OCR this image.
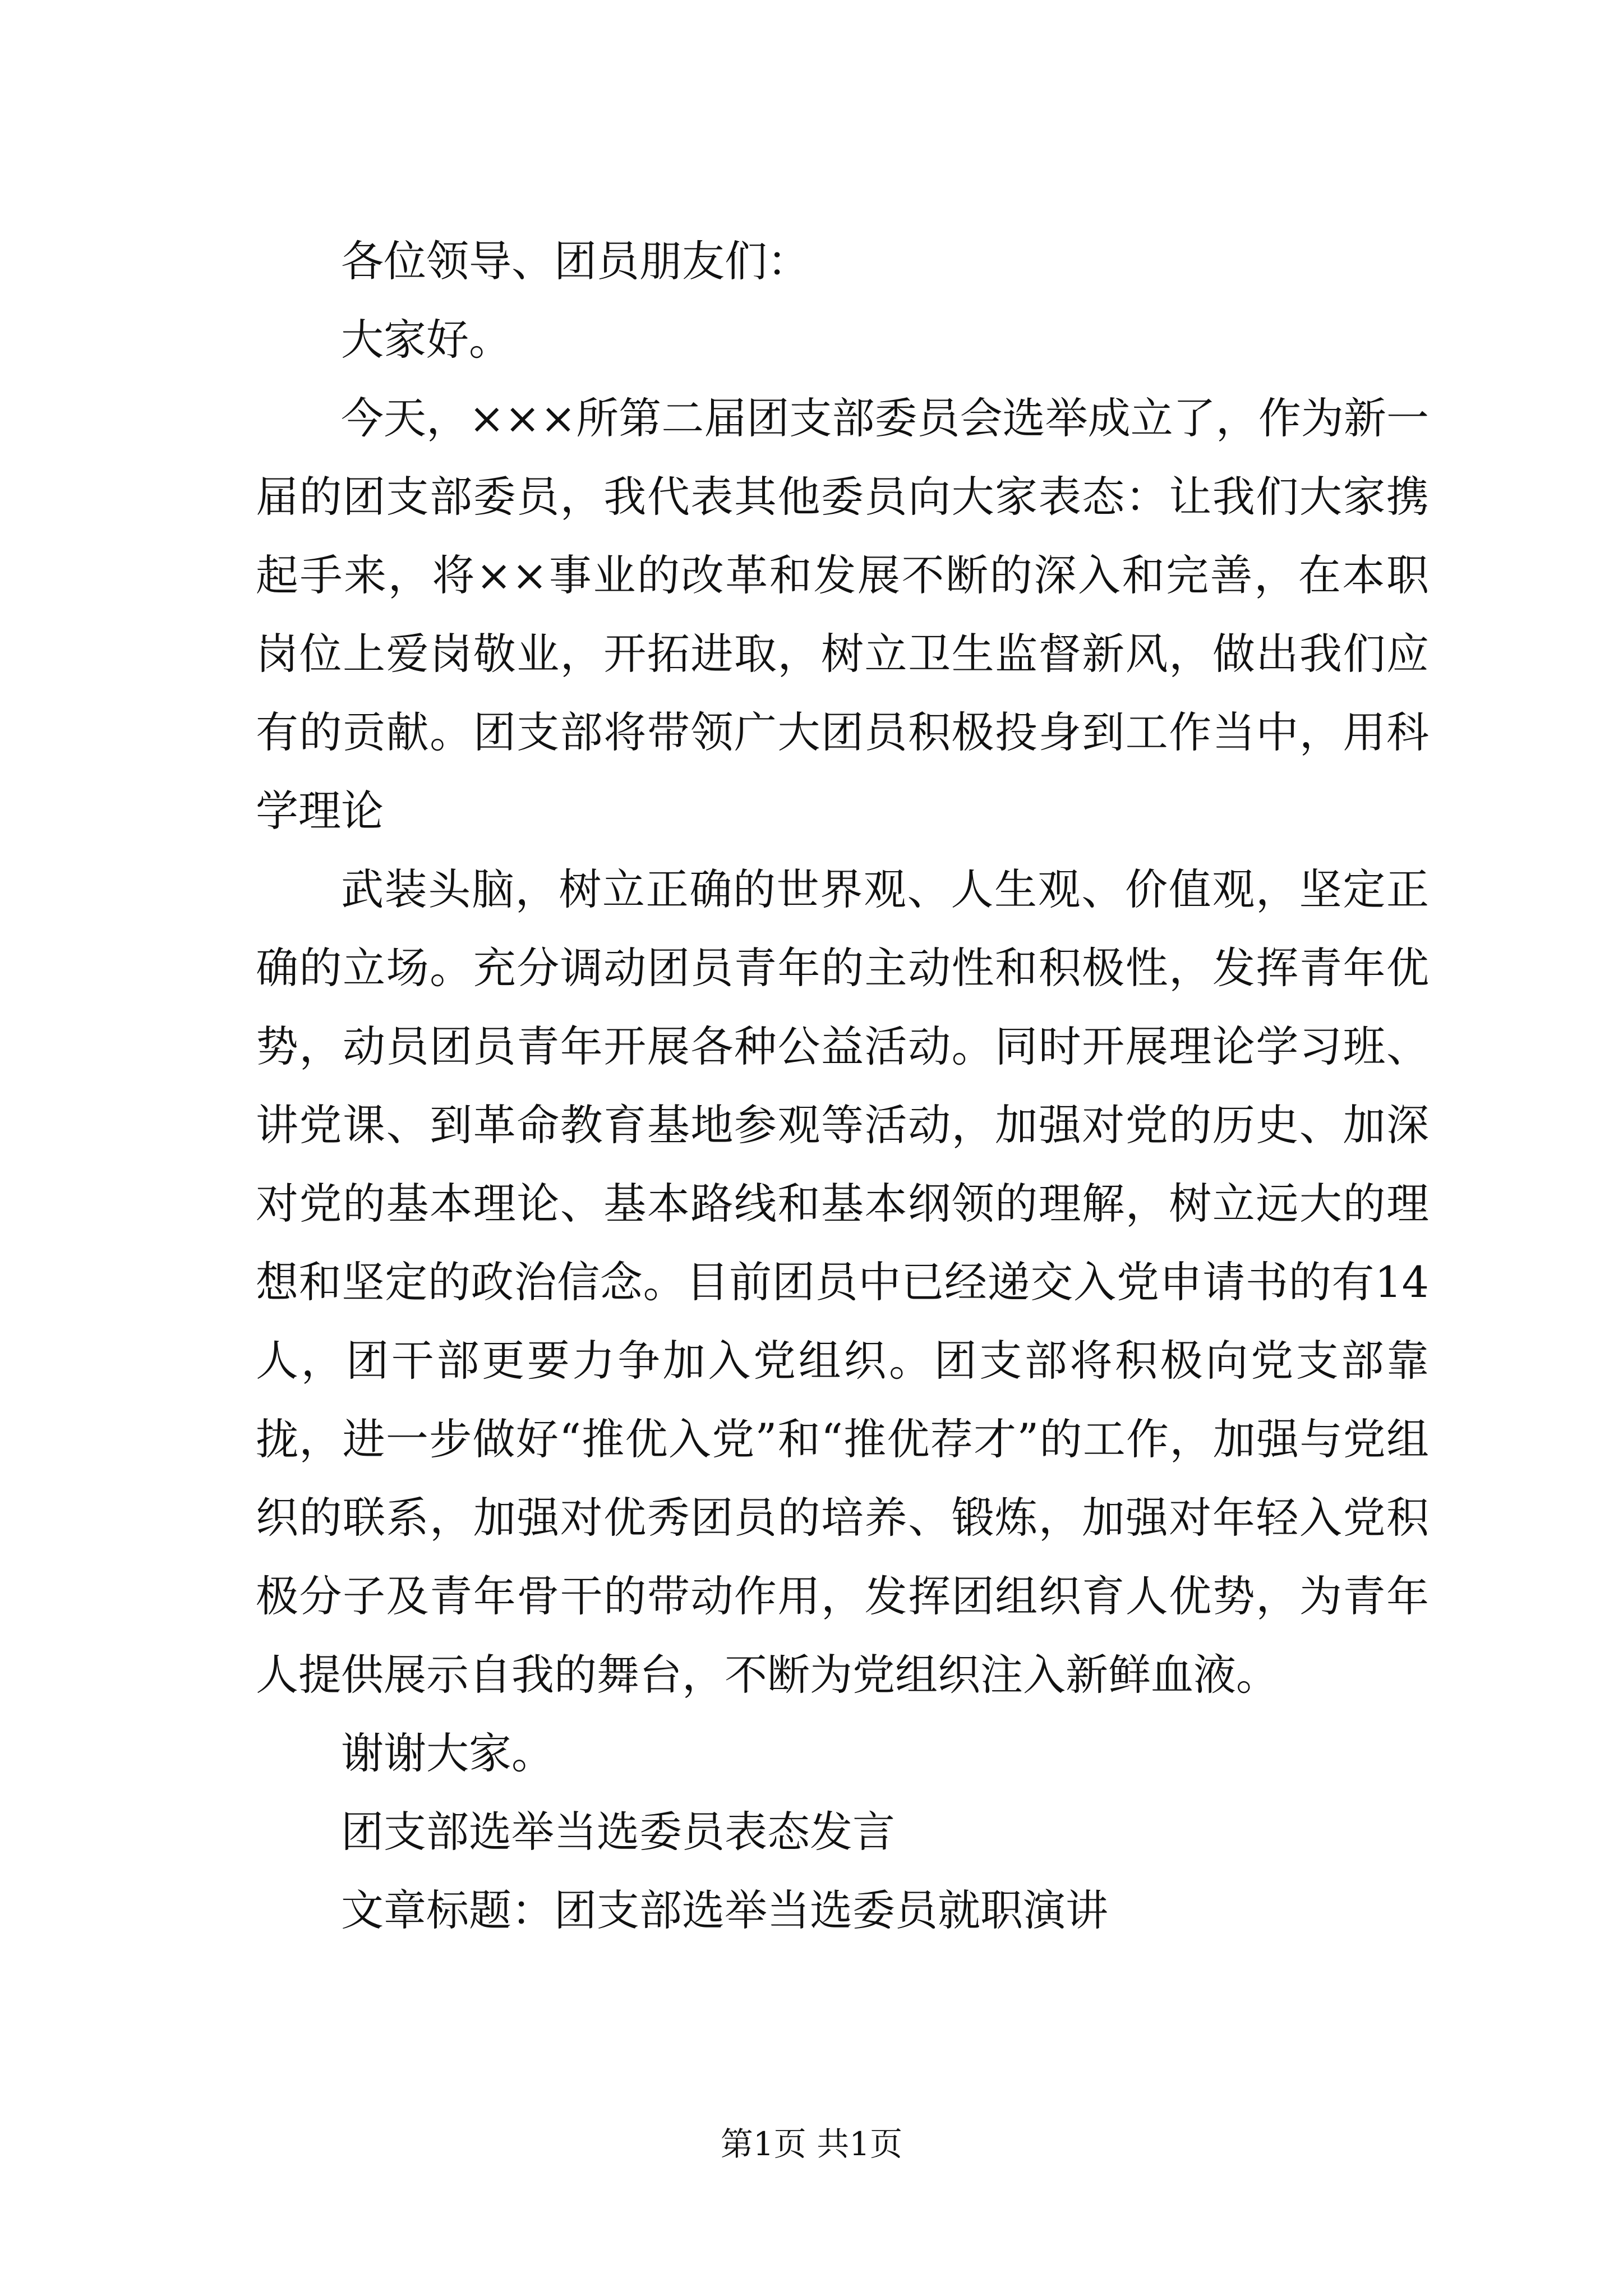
各位领导、团员朋友们：

大家好。

今天，×××所第二届团支部委员会选举成立了，作为新一届的团支部委员，我代表其他委员向大家表态：让我们大家携起手来，将××事业的改革和发展不断的深入和完善，在本职岗位上爱岗敬业，开拓进取，树立卫生监督新风，做出我们应有的贡献。团支部将带领广大团员积极投身到工作当中，用科学理论

武装头脑，树立正确的世界观、人生观、价值观，坚定正确的立场。充分调动团员青年的主动性和积极性，发挥青年优势，动员团员青年开展各种公益活动。同时开展理论学习班、讲党课、到革命教育基地参观等活动，加强对党的历史、加深对党的基本理论、基本路线和基本纲领的理解，树立远大的理想和坚定的政治信念。目前团员中已经递交入党申请书的有14人，团干部更要力争加入党组织。团支部将积极向党支部靠拢，进一步做好“推优入党”和“推优荐才”的工作，加强与党组织的联系，加强对优秀团员的培养、锻炼，加强对年轻入党积极分子及青年骨干的带动作用，发挥团组织育人优势，为青年人提供展示自我的舞台，不断为党组织注入新鲜血液。

谢谢大家。

团支部选举当选委员表态发言

文章标题：团支部选举当选委员就职演讲

第1页 共1页
